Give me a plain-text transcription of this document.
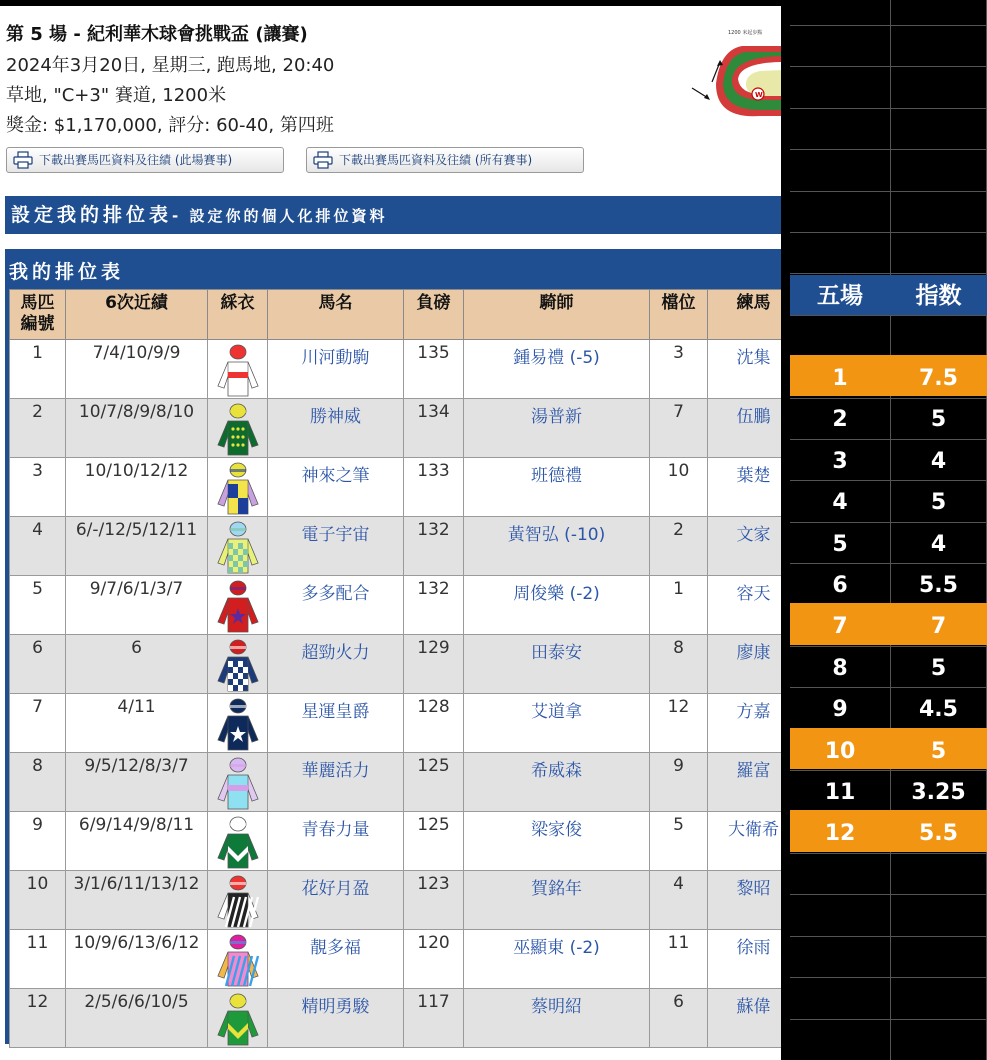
第 5 場 - 紀利華木球會挑戰盃 (讓賽)
2024年3月20日, 星期三, 跑馬地, 20:40
草地, "C+3" 賽道, 1200米
獎金: $1,170,000, 評分: 60-40, 第四班
1200 米起步點
W
下載出賽馬匹資料及往績 (此場賽事)	下載出賽馬匹資料及往績 (所有賽事)
設定我的排位表- 設定你的個人化排位資料
我的排位表
馬匹
編號	6次近績	綵衣	馬名	負磅	騎師	檔位	練馬
1	7/4/10/9/9		川河動駒	135	鍾易禮 (-5)	3	沈集
2	10/7/8/9/8/10		勝神威	134	湯普新	7	伍鵬
3	10/10/12/12		神來之筆	133	班德禮	10	葉楚
4	6/-/12/5/12/11		電子宇宙	132	黃智弘 (-10)	2	文家
5	9/7/6/1/3/7		多多配合	132	周俊樂 (-2)	1	容天
6	6		超勁火力	129	田泰安	8	廖康
7	4/11		星運皇爵	128	艾道拿	12	方嘉
8	9/5/12/8/3/7		華麗活力	125	希威森	9	羅富
9	6/9/14/9/8/11		青春力量	125	梁家俊	5	大衛希
10	3/1/6/11/13/12		花好月盈	123	賀銘年	4	黎昭
11	10/9/6/13/6/12		靚多福	120	巫顯東 (-2)	11	徐雨
12	2/5/6/6/10/5		精明勇駿	117	蔡明紹	6	蘇偉
五場	指数
1	7.5
2	5
3	4
4	5
5	4
6	5.5
7	7
8	5
9	4.5
10	5
11	3.25
12	5.5
